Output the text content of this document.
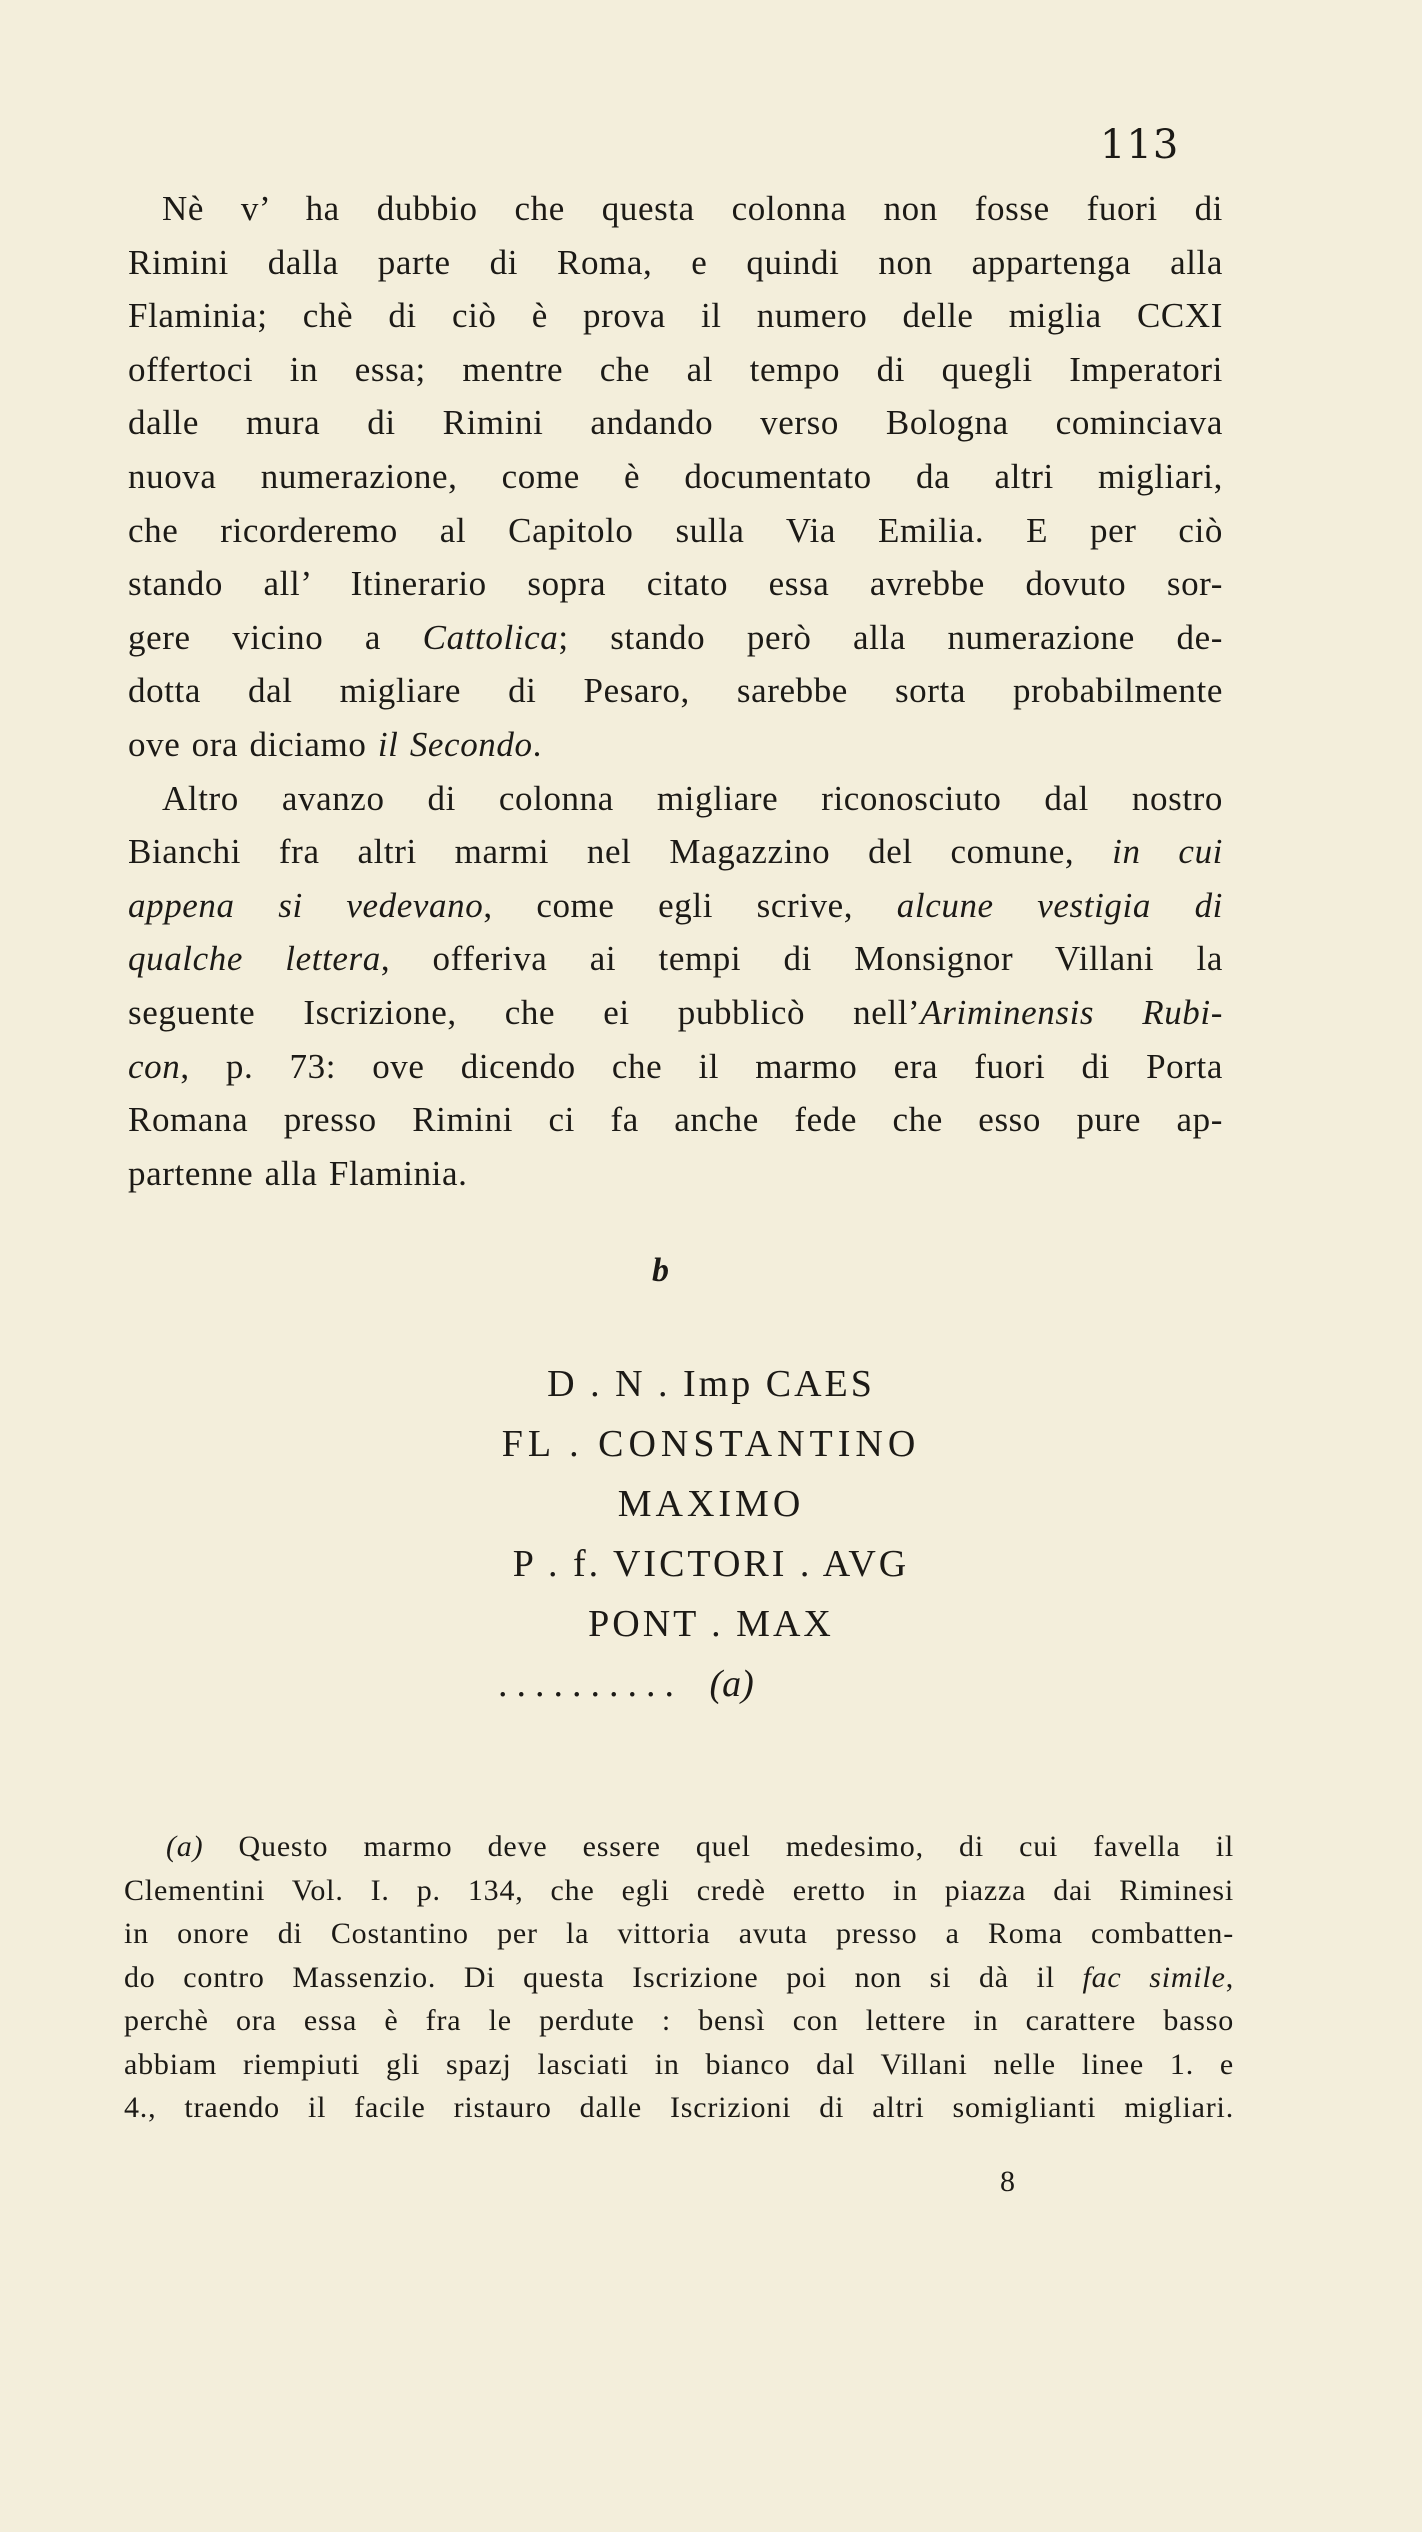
113
Nè v’ ha dubbio che questa colonna non fosse fuori di
Rimini dalla parte di Roma, e quindi non appartenga alla
Flaminia; chè di ciò è prova il numero delle miglia CCXI
offertoci in essa; mentre che al tempo di quegli Imperatori
dalle mura di Rimini andando verso Bologna cominciava
nuova numerazione, come è documentato da altri migliari,
che ricorderemo al Capitolo sulla Via Emilia. E per ciò
stando all’ Itinerario sopra citato essa avrebbe dovuto sor-
gere vicino a Cattolica; stando però alla numerazione de-
dotta dal migliare di Pesaro, sarebbe sorta probabilmente
ove ora diciamo il Secondo.
Altro avanzo di colonna migliare riconosciuto dal nostro
Bianchi fra altri marmi nel Magazzino del comune, in cui
appena si vedevano, come egli scrive, alcune vestigia di
qualche lettera, offeriva ai tempi di Monsignor Villani la
seguente Iscrizione, che ei pubblicò nell’Ariminensis Rubi-
con, p. 73: ove dicendo che il marmo era fuori di Porta
Romana presso Rimini ci fa anche fede che esso pure ap-
partenne alla Flaminia.
b
D . N . Imp CAES
FL . CONSTANTINO
MAXIMO
P . f. VICTORI . AVG
PONT . MAX
.......... (a)
(a) Questo marmo deve essere quel medesimo, di cui favella il
Clementini Vol. I. p. 134, che egli credè eretto in piazza dai Riminesi
in onore di Costantino per la vittoria avuta presso a Roma combatten-
do contro Massenzio. Di questa Iscrizione poi non si dà il fac simile,
perchè ora essa è fra le perdute : bensì con lettere in carattere basso
abbiam riempiuti gli spazj lasciati in bianco dal Villani nelle linee 1. e
4., traendo il facile ristauro dalle Iscrizioni di altri somiglianti migliari.
8
